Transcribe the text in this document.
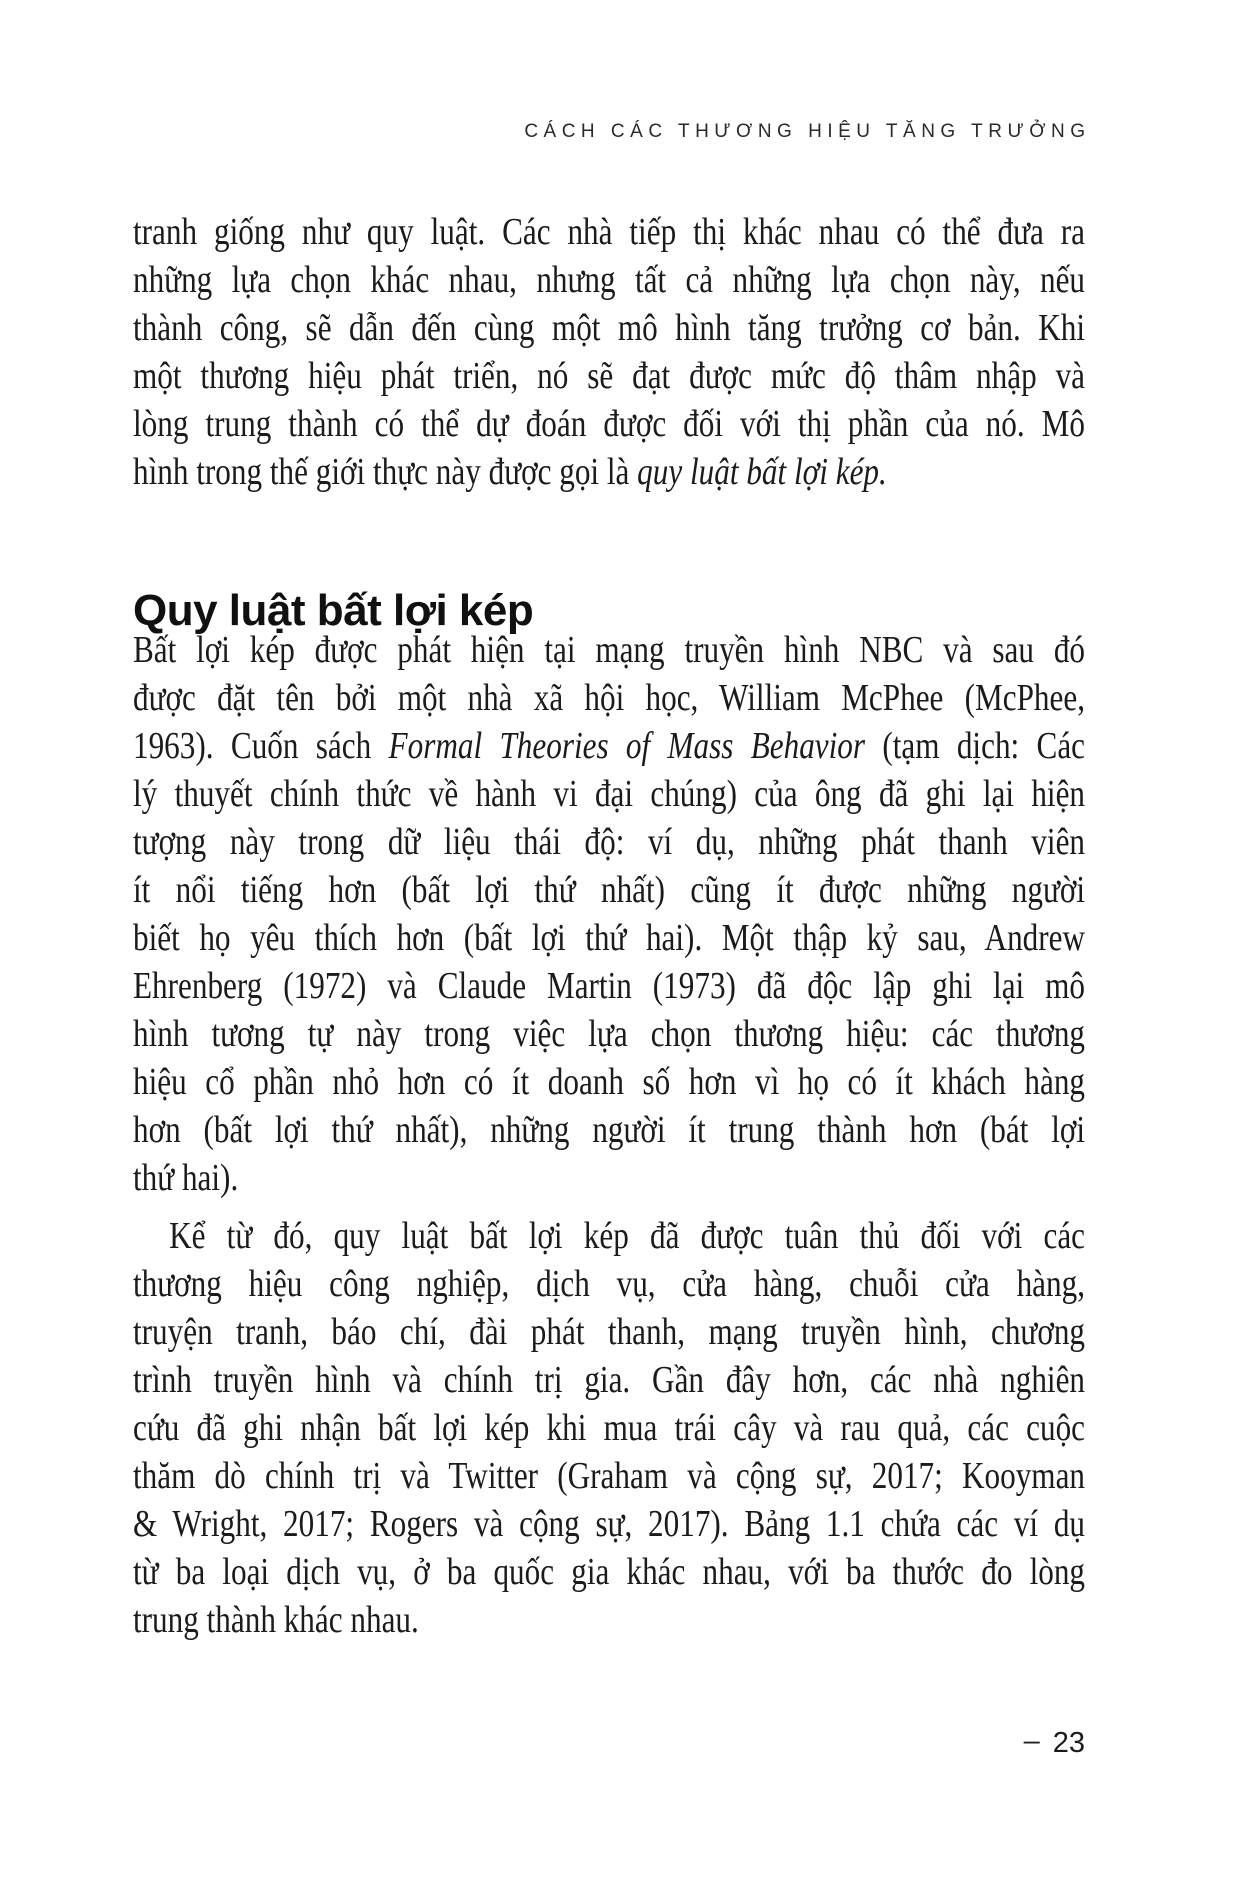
CÁCH CÁC THƯƠNG HIỆU TĂNG TRƯỞNG
tranh giống như quy luật. Các nhà tiếp thị khác nhau có thể đưa ra
những lựa chọn khác nhau, nhưng tất cả những lựa chọn này, nếu
thành công, sẽ dẫn đến cùng một mô hình tăng trưởng cơ bản. Khi
một thương hiệu phát triển, nó sẽ đạt được mức độ thâm nhập và
lòng trung thành có thể dự đoán được đối với thị phần của nó. Mô
hình trong thế giới thực này được gọi là quy luật bất lợi kép.
Quy luật bất lợi kép
Bất lợi kép được phát hiện tại mạng truyền hình NBC và sau đó
được đặt tên bởi một nhà xã hội học, William McPhee (McPhee,
1963). Cuốn sách Formal Theories of Mass Behavior (tạm dịch: Các
lý thuyết chính thức về hành vi đại chúng) của ông đã ghi lại hiện
tượng này trong dữ liệu thái độ: ví dụ, những phát thanh viên
ít nổi tiếng hơn (bất lợi thứ nhất) cũng ít được những người
biết họ yêu thích hơn (bất lợi thứ hai). Một thập kỷ sau, Andrew
Ehrenberg (1972) và Claude Martin (1973) đã độc lập ghi lại mô
hình tương tự này trong việc lựa chọn thương hiệu: các thương
hiệu cổ phần nhỏ hơn có ít doanh số hơn vì họ có ít khách hàng
hơn (bất lợi thứ nhất), những người ít trung thành hơn (bát lợi
thứ hai).
Kể từ đó, quy luật bất lợi kép đã được tuân thủ đối với các
thương hiệu công nghiệp, dịch vụ, cửa hàng, chuỗi cửa hàng,
truyện tranh, báo chí, đài phát thanh, mạng truyền hình, chương
trình truyền hình và chính trị gia. Gần đây hơn, các nhà nghiên
cứu đã ghi nhận bất lợi kép khi mua trái cây và rau quả, các cuộc
thăm dò chính trị và Twitter (Graham và cộng sự, 2017; Kooyman
& Wright, 2017; Rogers và cộng sự, 2017). Bảng 1.1 chứa các ví dụ
từ ba loại dịch vụ, ở ba quốc gia khác nhau, với ba thước đo lòng
trung thành khác nhau.
– 23
